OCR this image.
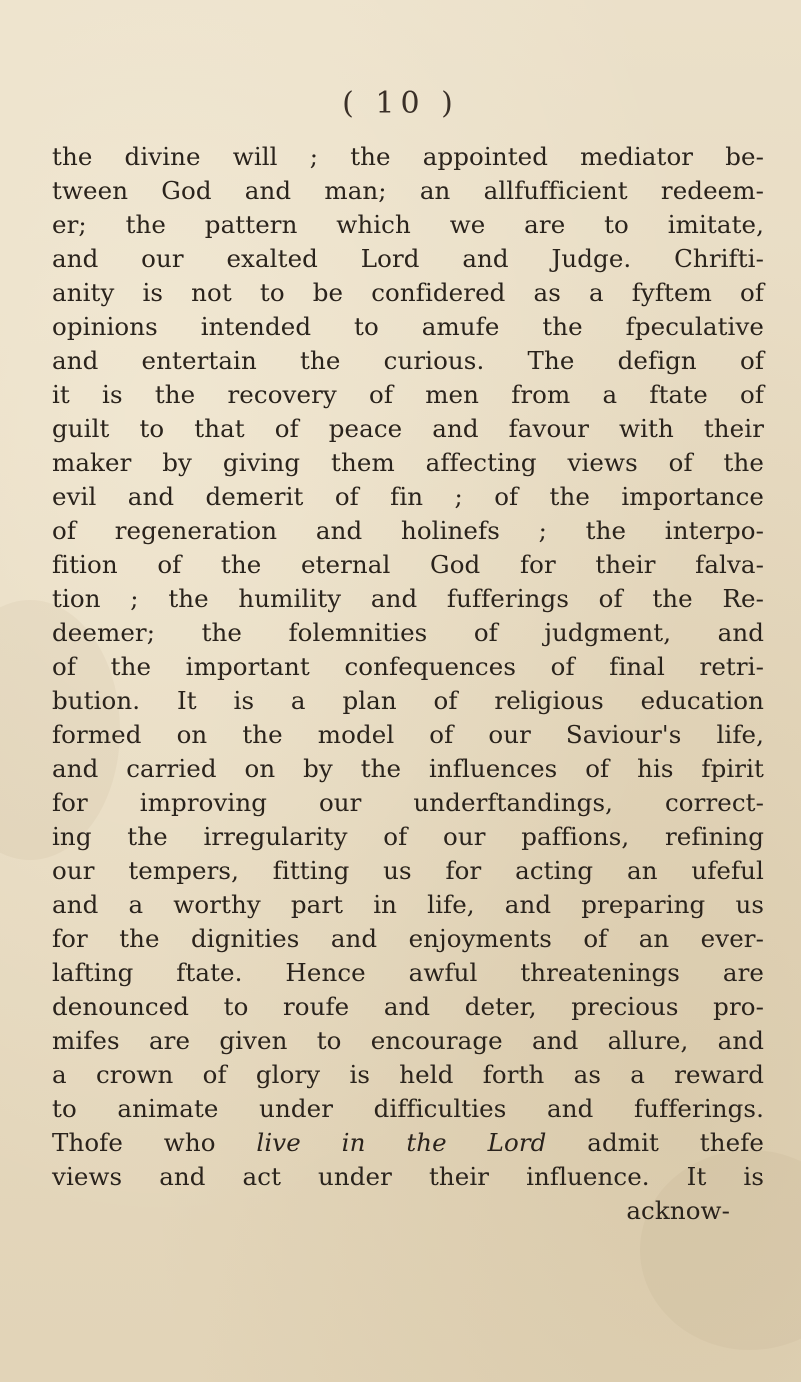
( 10 )
the divine will ; the appointed mediator be-
tween God and man; an allfufficient redeem-
er; the pattern which we are to imitate,
and our exalted Lord and Judge. Chrifti-
anity is not to be confidered as a fyftem of
opinions intended to amufe the fpeculative
and entertain the curious. The defign of
it is the recovery of men from a ftate of
guilt to that of peace and favour with their
maker by giving them affecting views of the
evil and demerit of fin ; of the importance
of regeneration and holinefs ; the interpo-
fition of the eternal God for their falva-
tion ; the humility and fufferings of the Re-
deemer; the folemnities of judgment, and
of the important confequences of final retri-
bution. It is a plan of religious education
formed on the model of our Saviour's life,
and carried on by the influences of his fpirit
for improving our underftandings, correct-
ing the irregularity of our paffions, refining
our tempers, fitting us for acting an ufeful
and a worthy part in life, and preparing us
for the dignities and enjoyments of an ever-
lafting ftate. Hence awful threatenings are
denounced to roufe and deter, precious pro-
mifes are given to encourage and allure, and
a crown of glory is held forth as a reward
to animate under difficulties and fufferings.
Thofe who live in the Lord admit thefe
views and act under their influence. It is
acknow-
